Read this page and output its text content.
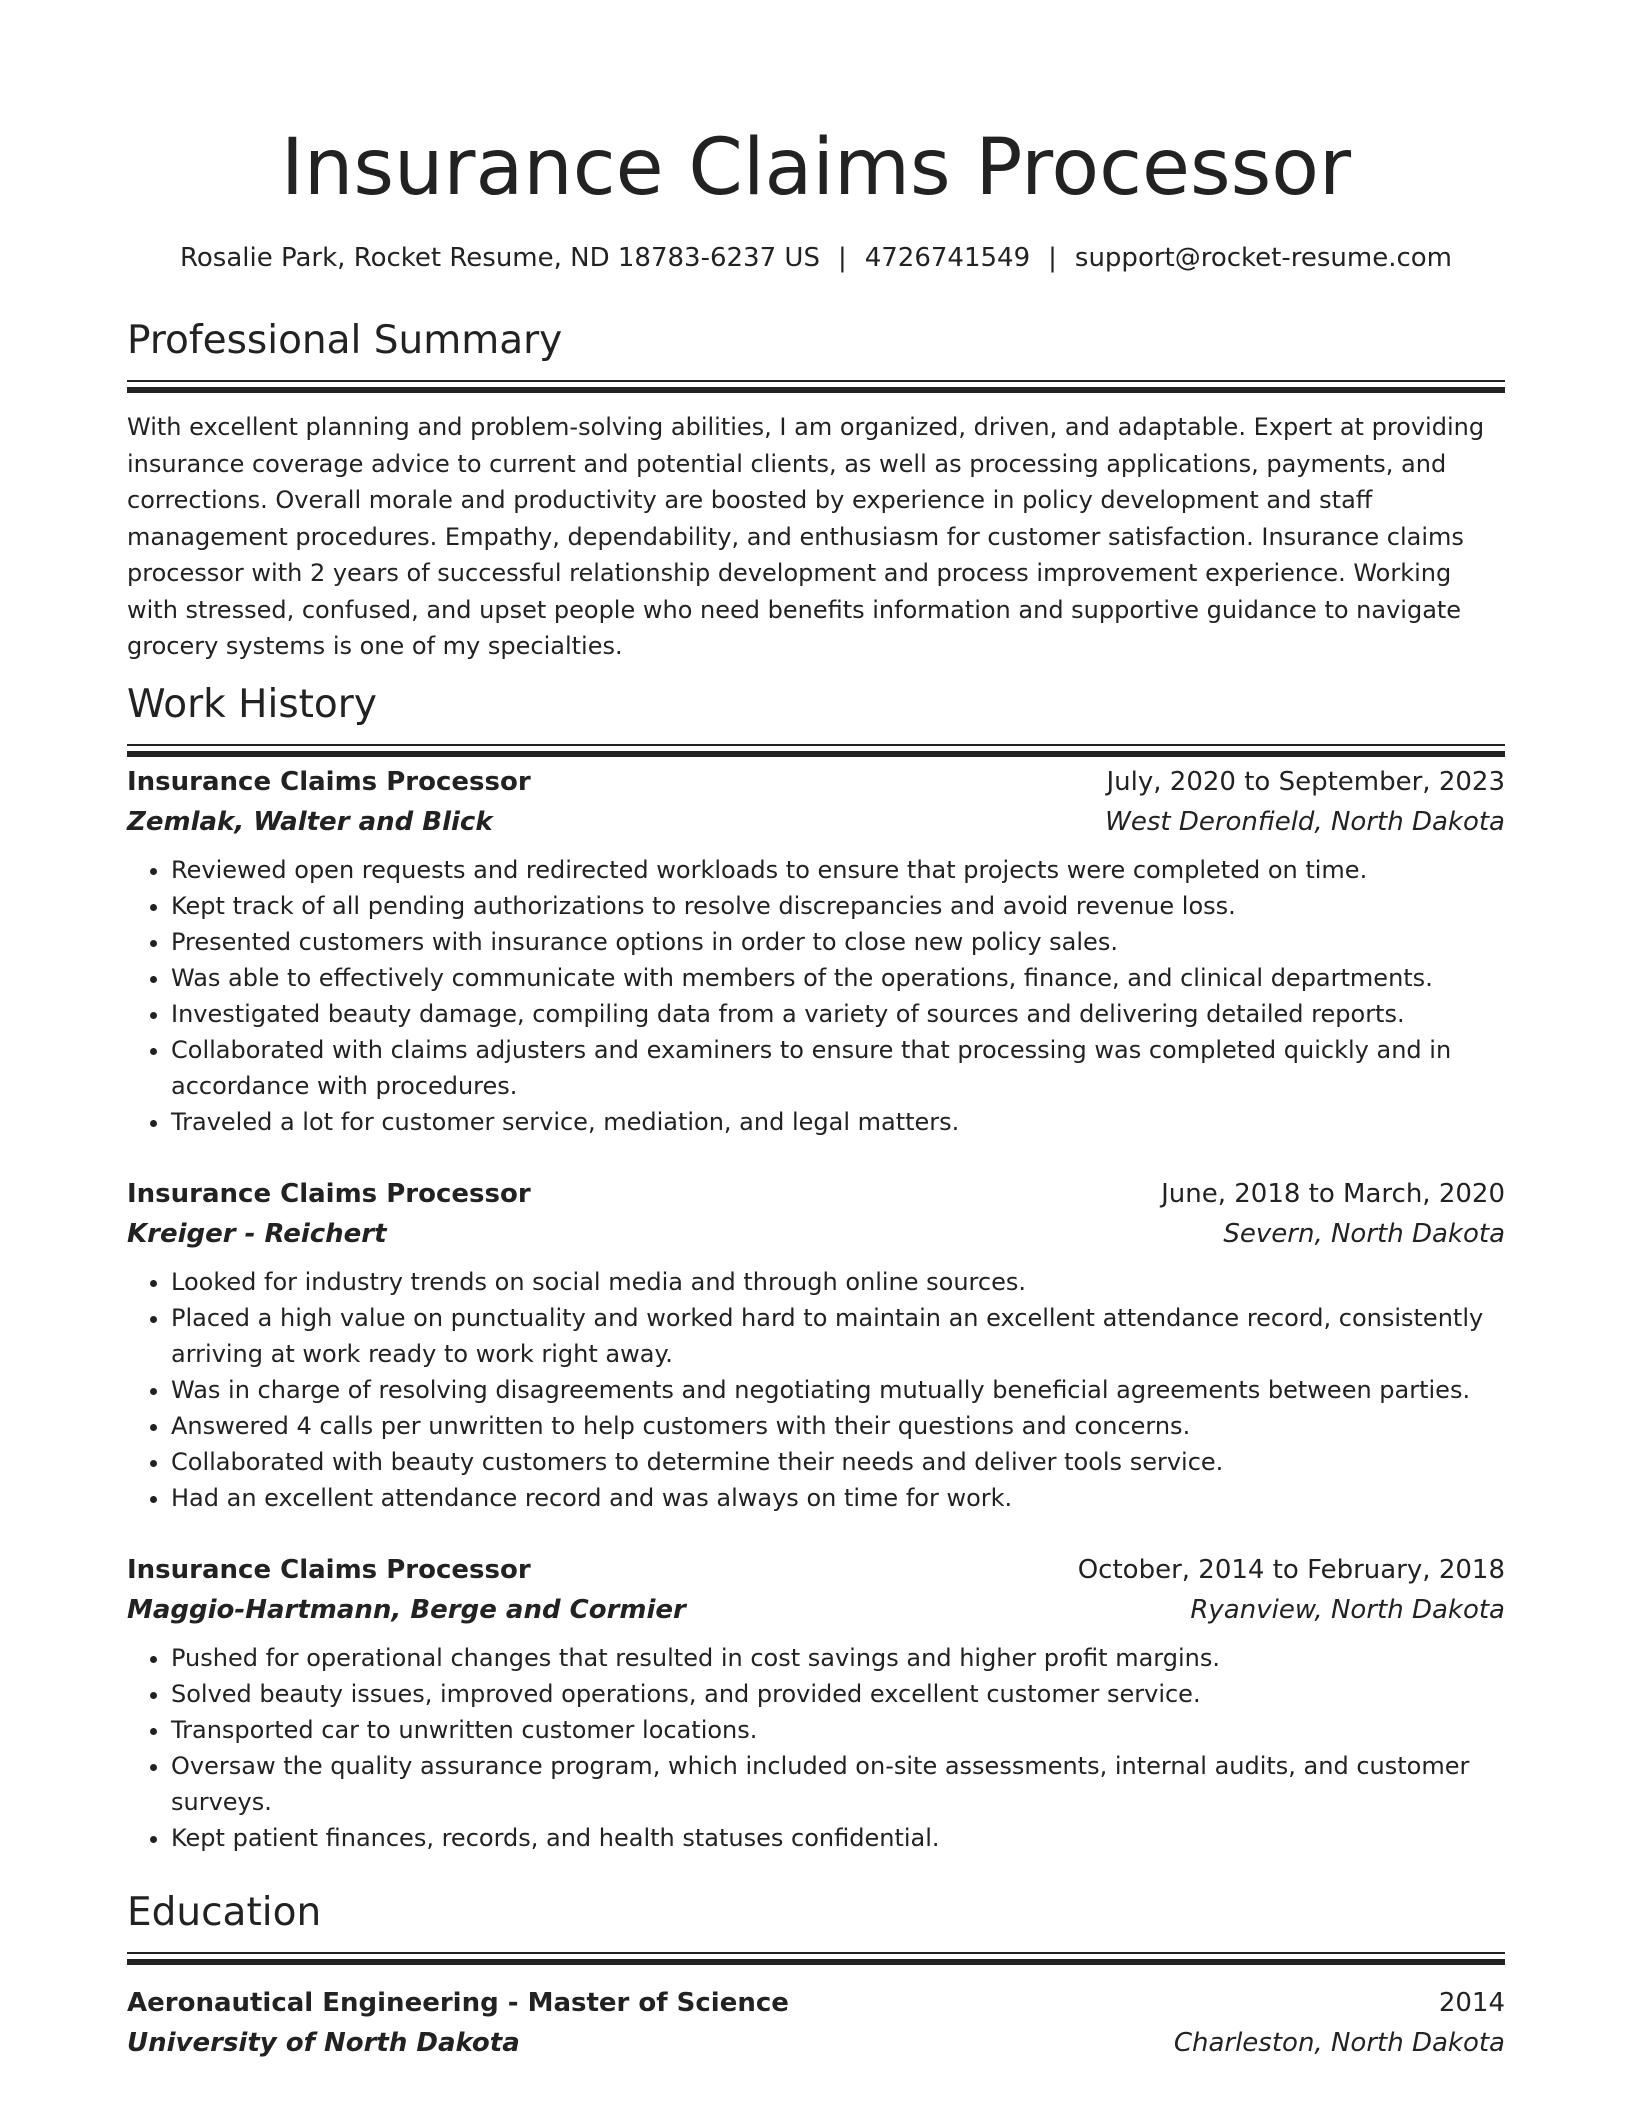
Insurance Claims Processor
Rosalie Park, Rocket Resume, ND 18783-6237 US | 4726741549 | support@rocket-resume.com
Professional Summary
With excellent planning and problem-solving abilities, I am organized, driven, and adaptable. Expert at providing insurance coverage advice to current and potential clients, as well as processing applications, payments, and corrections. Overall morale and productivity are boosted by experience in policy development and staff management procedures. Empathy, dependability, and enthusiasm for customer satisfaction. Insurance claims processor with 2 years of successful relationship development and process improvement experience. Working with stressed, confused, and upset people who need benefits information and supportive guidance to navigate grocery systems is one of my specialties.
Work History
Insurance Claims Processor	July, 2020 to September, 2023
Zemlak, Walter and Blick	West Deronfield, North Dakota
• Reviewed open requests and redirected workloads to ensure that projects were completed on time.
• Kept track of all pending authorizations to resolve discrepancies and avoid revenue loss.
• Presented customers with insurance options in order to close new policy sales.
• Was able to effectively communicate with members of the operations, finance, and clinical departments.
• Investigated beauty damage, compiling data from a variety of sources and delivering detailed reports.
• Collaborated with claims adjusters and examiners to ensure that processing was completed quickly and in accordance with procedures.
• Traveled a lot for customer service, mediation, and legal matters.
Insurance Claims Processor	June, 2018 to March, 2020
Kreiger - Reichert	Severn, North Dakota
• Looked for industry trends on social media and through online sources.
• Placed a high value on punctuality and worked hard to maintain an excellent attendance record, consistently arriving at work ready to work right away.
• Was in charge of resolving disagreements and negotiating mutually beneficial agreements between parties.
• Answered 4 calls per unwritten to help customers with their questions and concerns.
• Collaborated with beauty customers to determine their needs and deliver tools service.
• Had an excellent attendance record and was always on time for work.
Insurance Claims Processor	October, 2014 to February, 2018
Maggio-Hartmann, Berge and Cormier	Ryanview, North Dakota
• Pushed for operational changes that resulted in cost savings and higher profit margins.
• Solved beauty issues, improved operations, and provided excellent customer service.
• Transported car to unwritten customer locations.
• Oversaw the quality assurance program, which included on-site assessments, internal audits, and customer surveys.
• Kept patient finances, records, and health statuses confidential.
Education
Aeronautical Engineering - Master of Science	2014
University of North Dakota	Charleston, North Dakota
